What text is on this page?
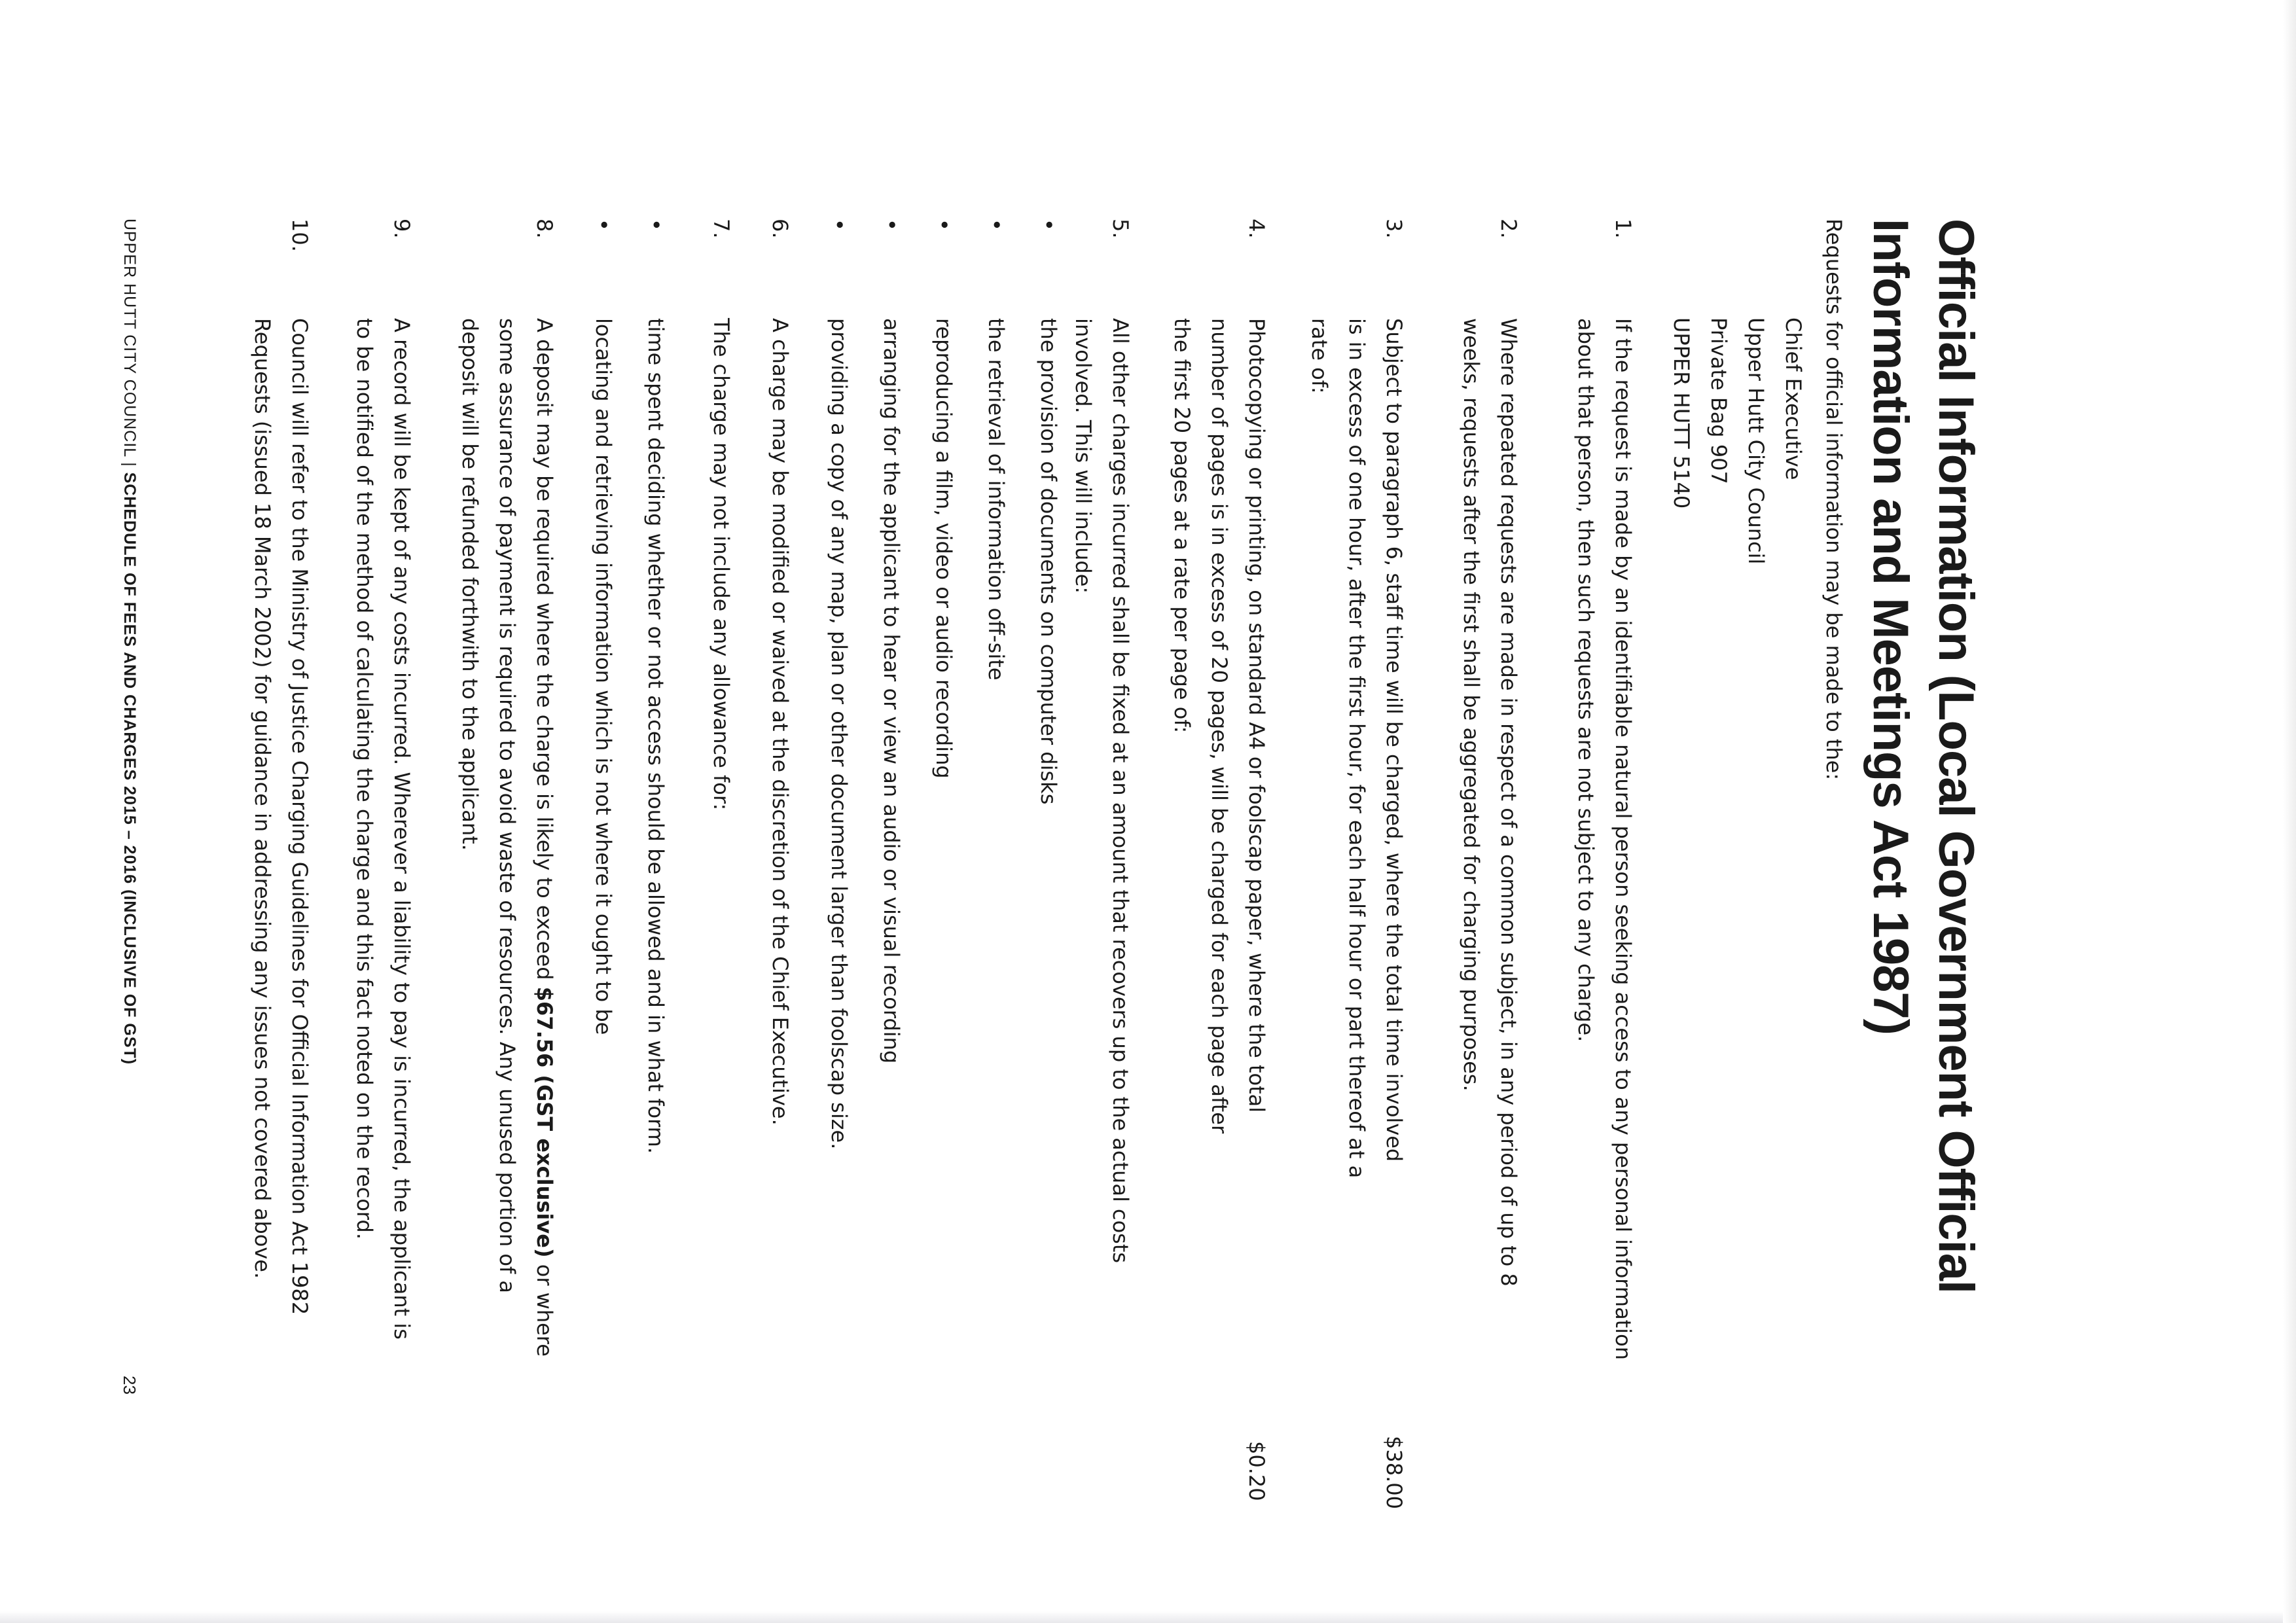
Official Information (Local Government Official
Information and Meetings Act 1987)
Requests for official information may be made to the:
Chief Executive
Upper Hutt City Council
Private Bag 907
UPPER HUTT 5140
1.
If the request is made by an identifiable natural person seeking access to any personal information
about that person, then such requests are not subject to any charge.
2.
Where repeated requests are made in respect of a common subject, in any period of up to 8
weeks, requests after the first shall be aggregated for charging purposes.
3.
Subject to paragraph 6, staff time will be charged, where the total time involved
is in excess of one hour, after the first hour, for each half hour or part thereof at a
rate of:
$38.00
4.
Photocopying or printing, on standard A4 or foolscap paper, where the total
number of pages is in excess of 20 pages, will be charged for each page after
the first 20 pages at a rate per page of:
$0.20
5.
All other charges incurred shall be fixed at an amount that recovers up to the actual costs
involved. This will include:
•
the provision of documents on computer disks
•
the retrieval of information off-site
•
reproducing a film, video or audio recording
•
arranging for the applicant to hear or view an audio or visual recording
•
providing a copy of any map, plan or other document larger than foolscap size.
6.
A charge may be modified or waived at the discretion of the Chief Executive.
7.
The charge may not include any allowance for:
•
time spent deciding whether or not access should be allowed and in what form.
•
locating and retrieving information which is not where it ought to be
8.
A deposit may be required where the charge is likely to exceed $67.56 (GST exclusive) or where
some assurance of payment is required to avoid waste of resources. Any unused portion of a
deposit will be refunded forthwith to the applicant.
9.
A record will be kept of any costs incurred. Wherever a liability to pay is incurred, the applicant is
to be notified of the method of calculating the charge and this fact noted on the record.
10.
Council will refer to the Ministry of Justice Charging Guidelines for Official Information Act 1982
Requests (issued 18 March 2002) for guidance in addressing any issues not covered above.
UPPER HUTT CITY COUNCIL | SCHEDULE OF FEES AND CHARGES 2015 – 2016 (INCLUSIVE OF GST)
23
